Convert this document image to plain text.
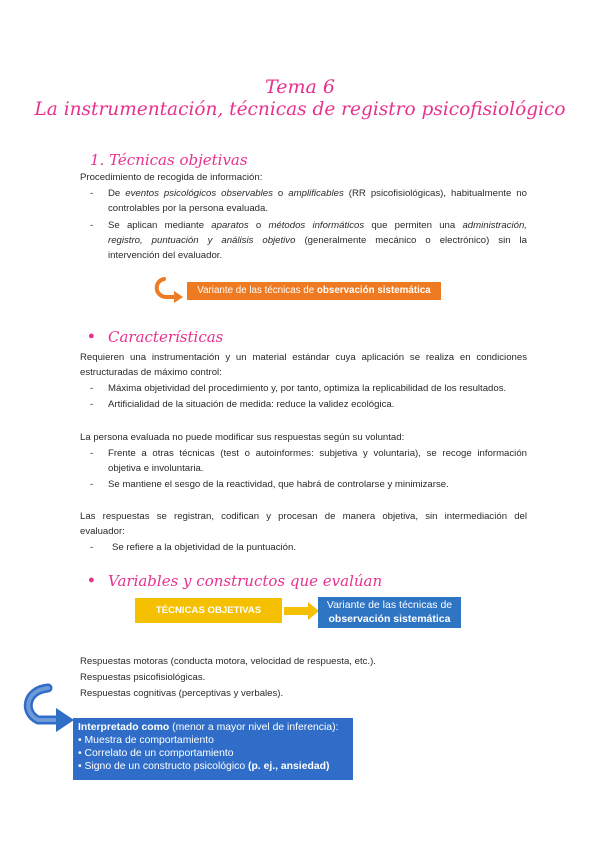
Tema 6
La instrumentación, técnicas de registro psicofisiológico
1. Técnicas objetivas
Procedimiento de recogida de información:
- De eventos psicológicos observables o amplificables (RR psicofisiológicas), habitualmente no
controlables por la persona evaluada.
- Se aplican mediante aparatos o métodos informáticos que permiten una administración,
registro, puntuación y análisis objetivo (generalmente mecánico o electrónico) sin la
intervención del evaluador.
Variante de las técnicas de observación sistemática
● Características
Requieren una instrumentación y un material estándar cuya aplicación se realiza en condiciones
estructuradas de máximo control:
- Máxima objetividad del procedimiento y, por tanto, optimiza la replicabilidad de los resultados.
- Artificialidad de la situación de medida: reduce la validez ecológica.
La persona evaluada no puede modificar sus respuestas según su voluntad:
- Frente a otras técnicas (test o autoinformes: subjetiva y voluntaria), se recoge información
objetiva e involuntaria.
- Se mantiene el sesgo de la reactividad, que habrá de controlarse y minimizarse.
Las respuestas se registran, codifican y procesan de manera objetiva, sin intermediación del
evaluador:
- Se refiere a la objetividad de la puntuación.
● Variables y constructos que evalúan
TÉCNICAS OBJETIVAS	Variante de las técnicas de
observación sistemática
Respuestas motoras (conducta motora, velocidad de respuesta, etc.).
Respuestas psicofisiológicas.
Respuestas cognitivas (perceptivas y verbales).
Interpretado como (menor a mayor nivel de inferencia):
• Muestra de comportamiento
• Correlato de un comportamiento
• Signo de un constructo psicológico (p. ej., ansiedad)
